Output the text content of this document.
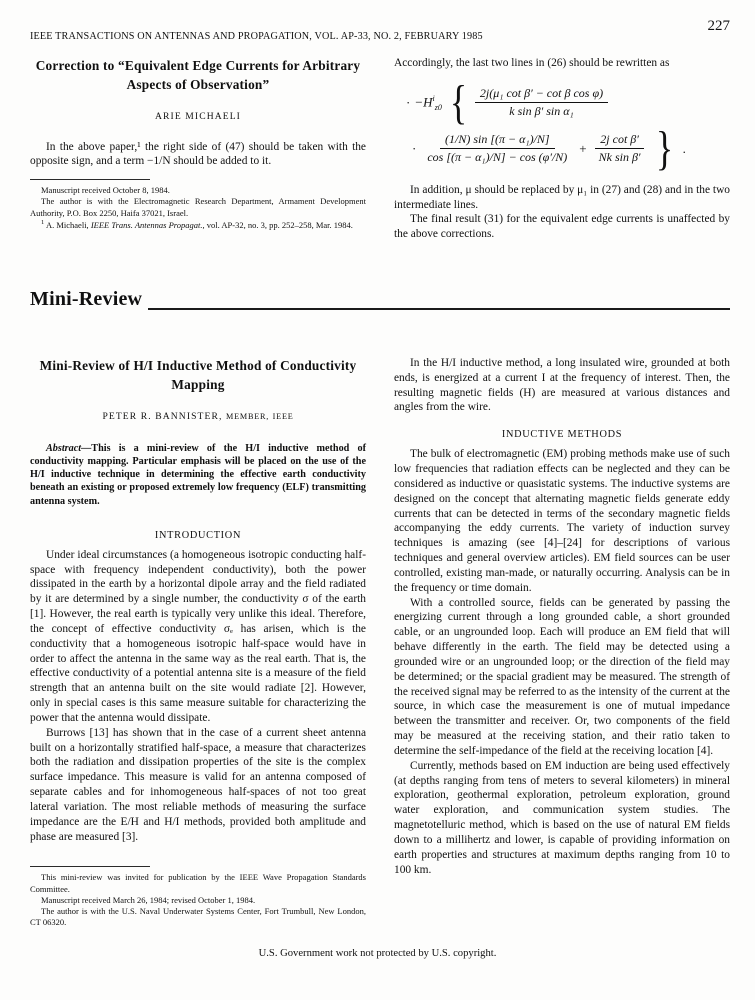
IEEE TRANSACTIONS ON ANTENNAS AND PROPAGATION, VOL. AP-33, NO. 2, FEBRUARY 1985
227
Correction to “Equivalent Edge Currents for Arbitrary Aspects of Observation”
ARIE MICHAELI

In the above paper,¹ the right side of (47) should be taken with the opposite sign, and a term −1/N should be added to it.

Manuscript received October 8, 1984.

The author is with the Electromagnetic Research Department, Armament Development Authority, P.O. Box 2250, Haifa 37021, Israel.

$^1$ A. Michaeli, IEEE Trans. Antennas Propagat., vol. AP-32, no. 3, pp. 252–258, Mar. 1984.

Accordingly, the last two lines in (26) should be rewritten as

· $-H^i_{z0}$ { $\frac{\text{2j(μ₁ cot β′ − cot β cos φ)}}{\text{k sin β′ sin α₁}}$
· $\frac{\text{(1/N) sin [(π − α₁)/N]}}{\text{cos [(π − α₁)/N] − cos (φ′/N)}} + \frac{\text{2j cot β′}}{\text{Nk sin β′}}$ } .

In addition, μ should be replaced by μ₁ in (27) and (28) and in the two intermediate lines.

The final result (31) for the equivalent edge currents is unaffected by the above corrections.

Mini-Review
Mini-Review of H/I Inductive Method of Conductivity Mapping
PETER R. BANNISTER, MEMBER, IEEE

Abstract—This is a mini-review of the H/I inductive method of conductivity mapping. Particular emphasis will be placed on the use of the H/I inductive technique in determining the effective earth conductivity beneath an existing or proposed extremely low frequency (ELF) transmitting antenna system.

INTRODUCTION

Under ideal circumstances (a homogeneous isotropic conducting half-space with frequency independent conductivity), both the power dissipated in the earth by a horizontal dipole array and the field radiated by it are determined by a single number, the conductivity σ of the earth [1]. However, the real earth is typically very unlike this ideal. Therefore, the concept of effective conductivity σₑ has arisen, which is the conductivity that a homogeneous isotropic half-space would have in order to affect the antenna in the same way as the real earth. That is, the effective conductivity of a potential antenna site is a measure of the field strength that an antenna built on the site would radiate [2]. However, only in special cases is this same measure suitable for characterizing the power that the antenna would dissipate.

Burrows [13] has shown that in the case of a current sheet antenna built on a horizontally stratified half-space, a measure that characterizes both the radiation and dissipation properties of the site is the complex surface impedance. This measure is valid for an antenna composed of separate cables and for inhomogeneous half-spaces of not too great lateral variation. The most reliable methods of measuring the surface impedance are the E/H and H/I methods, provided both amplitude and phase are measured [3].

This mini-review was invited for publication by the IEEE Wave Propagation Standards Committee.

Manuscript received March 26, 1984; revised October 1, 1984.

The author is with the U.S. Naval Underwater Systems Center, Fort Trumbull, New London, CT 06320.

In the H/I inductive method, a long insulated wire, grounded at both ends, is energized at a current I at the frequency of interest. Then, the resulting magnetic fields (H) are measured at various distances and angles from the wire.

INDUCTIVE METHODS

The bulk of electromagnetic (EM) probing methods make use of such low frequencies that radiation effects can be neglected and they can be considered as inductive or quasistatic systems. The inductive systems are designed on the concept that alternating magnetic fields generate eddy currents that can be detected in terms of the secondary magnetic fields accompanying the eddy currents. The variety of induction survey techniques is amazing (see [4]–[24] for descriptions of various techniques and general overview articles). EM field sources can be user controlled, existing man-made, or naturally occurring. Analysis can be in the frequency or time domain.

With a controlled source, fields can be generated by passing the energizing current through a long grounded cable, a short grounded cable, or an ungrounded loop. Each will produce an EM field that will behave differently in the earth. The field may be detected using a grounded wire or an ungrounded loop; or the direction of the field may be determined; or the spacial gradient may be measured. The strength of the received signal may be referred to as the intensity of the current at the source, in which case the measurement is one of mutual impedance between the transmitter and receiver. Or, two components of the field may be measured at the receiving station, and their ratio taken to determine the self-impedance of the field at the receiving location [4].

Currently, methods based on EM induction are being used effectively (at depths ranging from tens of meters to several kilometers) in mineral exploration, geothermal exploration, petroleum exploration, ground water exploration, and communication system studies. The magnetotelluric method, which is based on the use of natural EM fields down to a millihertz and lower, is capable of providing information on earth properties and structures at maximum depths ranging from 10 to 100 km.

U.S. Government work not protected by U.S. copyright.
